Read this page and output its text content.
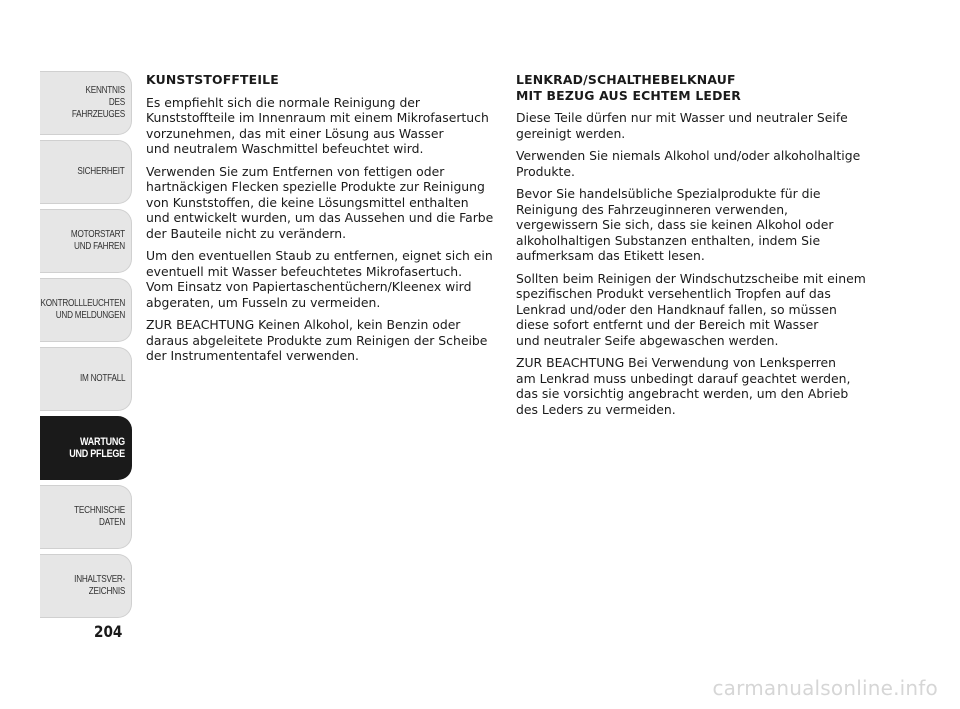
KENNTNIS
DES FAHRZEUGES
SICHERHEIT
MOTORSTART
UND FAHREN
KONTROLLLEUCHTEN
UND MELDUNGEN
IM NOTFALL
WARTUNG
UND PFLEGE
TECHNISCHE
DATEN
INHALTSVER-
ZEICHNIS
204
KUNSTSTOFFTEILE

Es empfiehlt sich die normale Reinigung der
Kunststoffteile im Innenraum mit einem Mikrofasertuch
vorzunehmen, das mit einer Lösung aus Wasser
und neutralem Waschmittel befeuchtet wird.

Verwenden Sie zum Entfernen von fettigen oder
hartnäckigen Flecken spezielle Produkte zur Reinigung
von Kunststoffen, die keine Lösungsmittel enthalten
und entwickelt wurden, um das Aussehen und die Farbe
der Bauteile nicht zu verändern.

Um den eventuellen Staub zu entfernen, eignet sich ein
eventuell mit Wasser befeuchtetes Mikrofasertuch.
Vom Einsatz von Papiertaschentüchern/Kleenex wird
abgeraten, um Fusseln zu vermeiden.

ZUR BEACHTUNG Keinen Alkohol, kein Benzin oder
daraus abgeleitete Produkte zum Reinigen der Scheibe
der Instrumententafel verwenden.

LENKRAD/SCHALTHEBELKNAUF
MIT BEZUG AUS ECHTEM LEDER

Diese Teile dürfen nur mit Wasser und neutraler Seife
gereinigt werden.

Verwenden Sie niemals Alkohol und/oder alkoholhaltige
Produkte.

Bevor Sie handelsübliche Spezialprodukte für die
Reinigung des Fahrzeuginneren verwenden,
vergewissern Sie sich, dass sie keinen Alkohol oder
alkoholhaltigen Substanzen enthalten, indem Sie
aufmerksam das Etikett lesen.

Sollten beim Reinigen der Windschutzscheibe mit einem
spezifischen Produkt versehentlich Tropfen auf das
Lenkrad und/oder den Handknauf fallen, so müssen
diese sofort entfernt und der Bereich mit Wasser
und neutraler Seife abgewaschen werden.

ZUR BEACHTUNG Bei Verwendung von Lenksperren
am Lenkrad muss unbedingt darauf geachtet werden,
das sie vorsichtig angebracht werden, um den Abrieb
des Leders zu vermeiden.

carmanualsonline.info
